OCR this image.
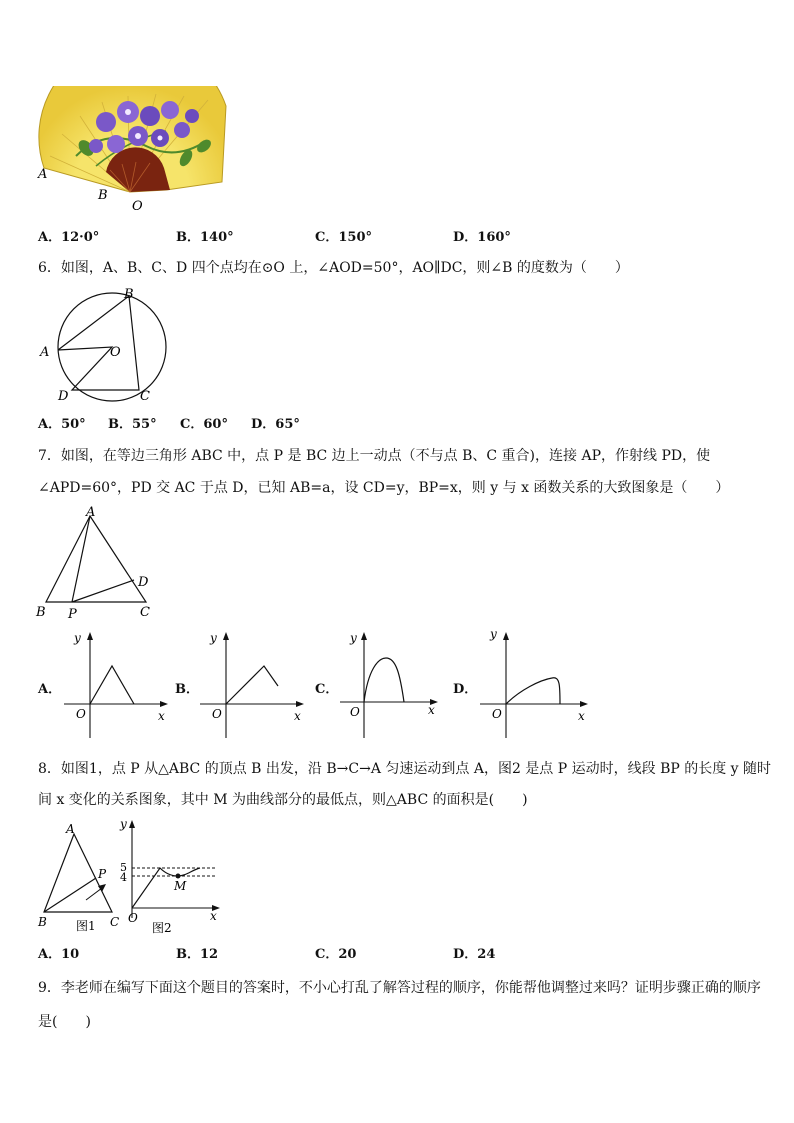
A
B
O
A．12·0°	B．140°	C．150°	D．160°
6．如图，A、B、C、D 四个点均在⊙O 上，∠AOD=50°，AO∥DC，则∠B 的度数为（　　）
B
A	O
D	C
A．50° B．55° C．60° D．65°
7．如图，在等边三角形 ABC 中，点 P 是 BC 边上一动点（不与点 B、C 重合)，连接 AP，作射线 PD，使
∠APD=60°，PD 交 AC 于点 D，已知 AB=a，设 CD=y，BP=x，则 y 与 x 函数关系的大致图象是（　　）
A
B P	C
D
A．
y
O	x
B．
y
O	x
C．
y
O	x
D．
y
O	x
8．如图1，点 P 从△ABC 的顶点 B 出发，沿 B→C→A 匀速运动到点 A，图2 是点 P 运动时，线段 BP 的长度 y 随时
间 x 变化的关系图象，其中 M 为曲线部分的最低点，则△ABC 的面积是(　　)
A
B	C
P
图1
y
5
4
M
O	x
图2
A．10	B．12	C．20	D．24
9．李老师在编写下面这个题目的答案时，不小心打乱了解答过程的顺序，你能帮他调整过来吗？证明步骤正确的顺序
是(　　)
